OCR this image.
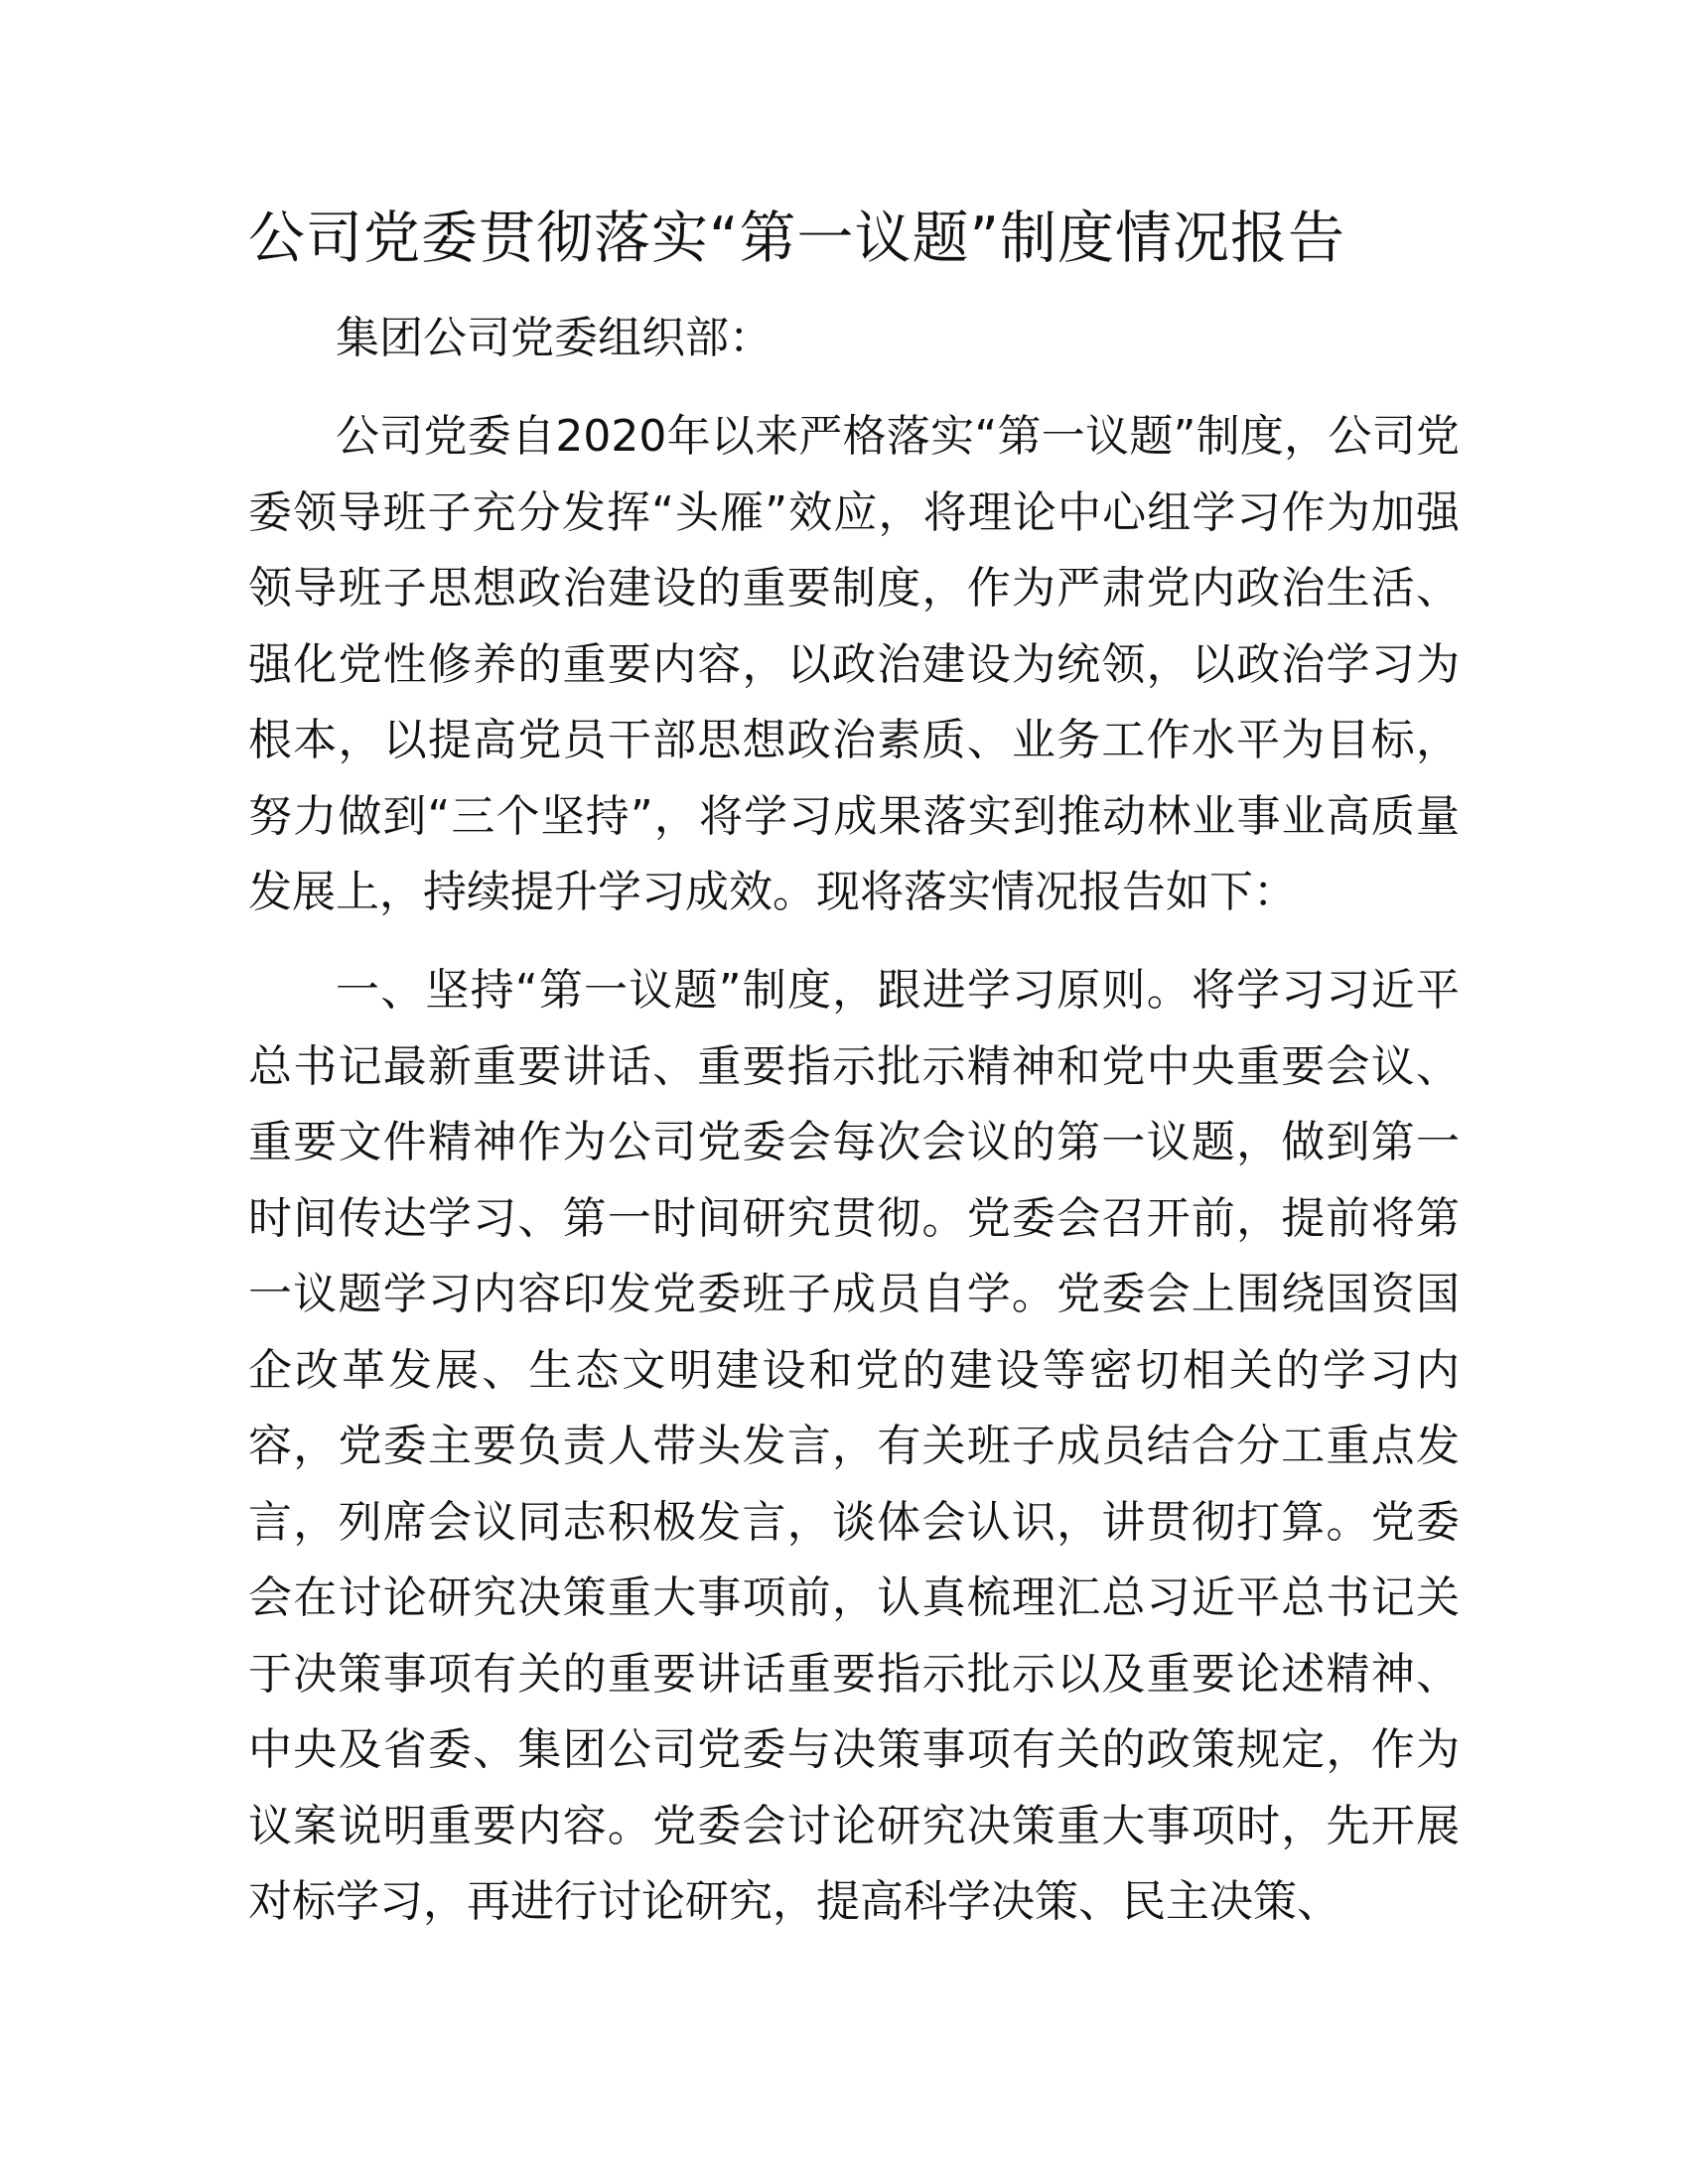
公司党委贯彻落实“第一议题”制度情况报告

集团公司党委组织部：

公司党委自2020年以来严格落实“第一议题”制度，公司党委领导班子充分发挥“头雁”效应，将理论中心组学习作为加强领导班子思想政治建设的重要制度，作为严肃党内政治生活、强化党性修养的重要内容，以政治建设为统领，以政治学习为根本，以提高党员干部思想政治素质、业务工作水平为目标，努力做到“三个坚持”，将学习成果落实到推动林业事业高质量发展上，持续提升学习成效。现将落实情况报告如下：

一、坚持“第一议题”制度，跟进学习原则。将学习习近平总书记最新重要讲话、重要指示批示精神和党中央重要会议、重要文件精神作为公司党委会每次会议的第一议题，做到第一时间传达学习、第一时间研究贯彻。党委会召开前，提前将第一议题学习内容印发党委班子成员自学。党委会上围绕国资国企改革发展、生态文明建设和党的建设等密切相关的学习内容，党委主要负责人带头发言，有关班子成员结合分工重点发言，列席会议同志积极发言，谈体会认识，讲贯彻打算。党委会在讨论研究决策重大事项前，认真梳理汇总习近平总书记关于决策事项有关的重要讲话重要指示批示以及重要论述精神、中央及省委、集团公司党委与决策事项有关的政策规定，作为议案说明重要内容。党委会讨论研究决策重大事项时，先开展对标学习，再进行讨论研究，提高科学决策、民主决策、
